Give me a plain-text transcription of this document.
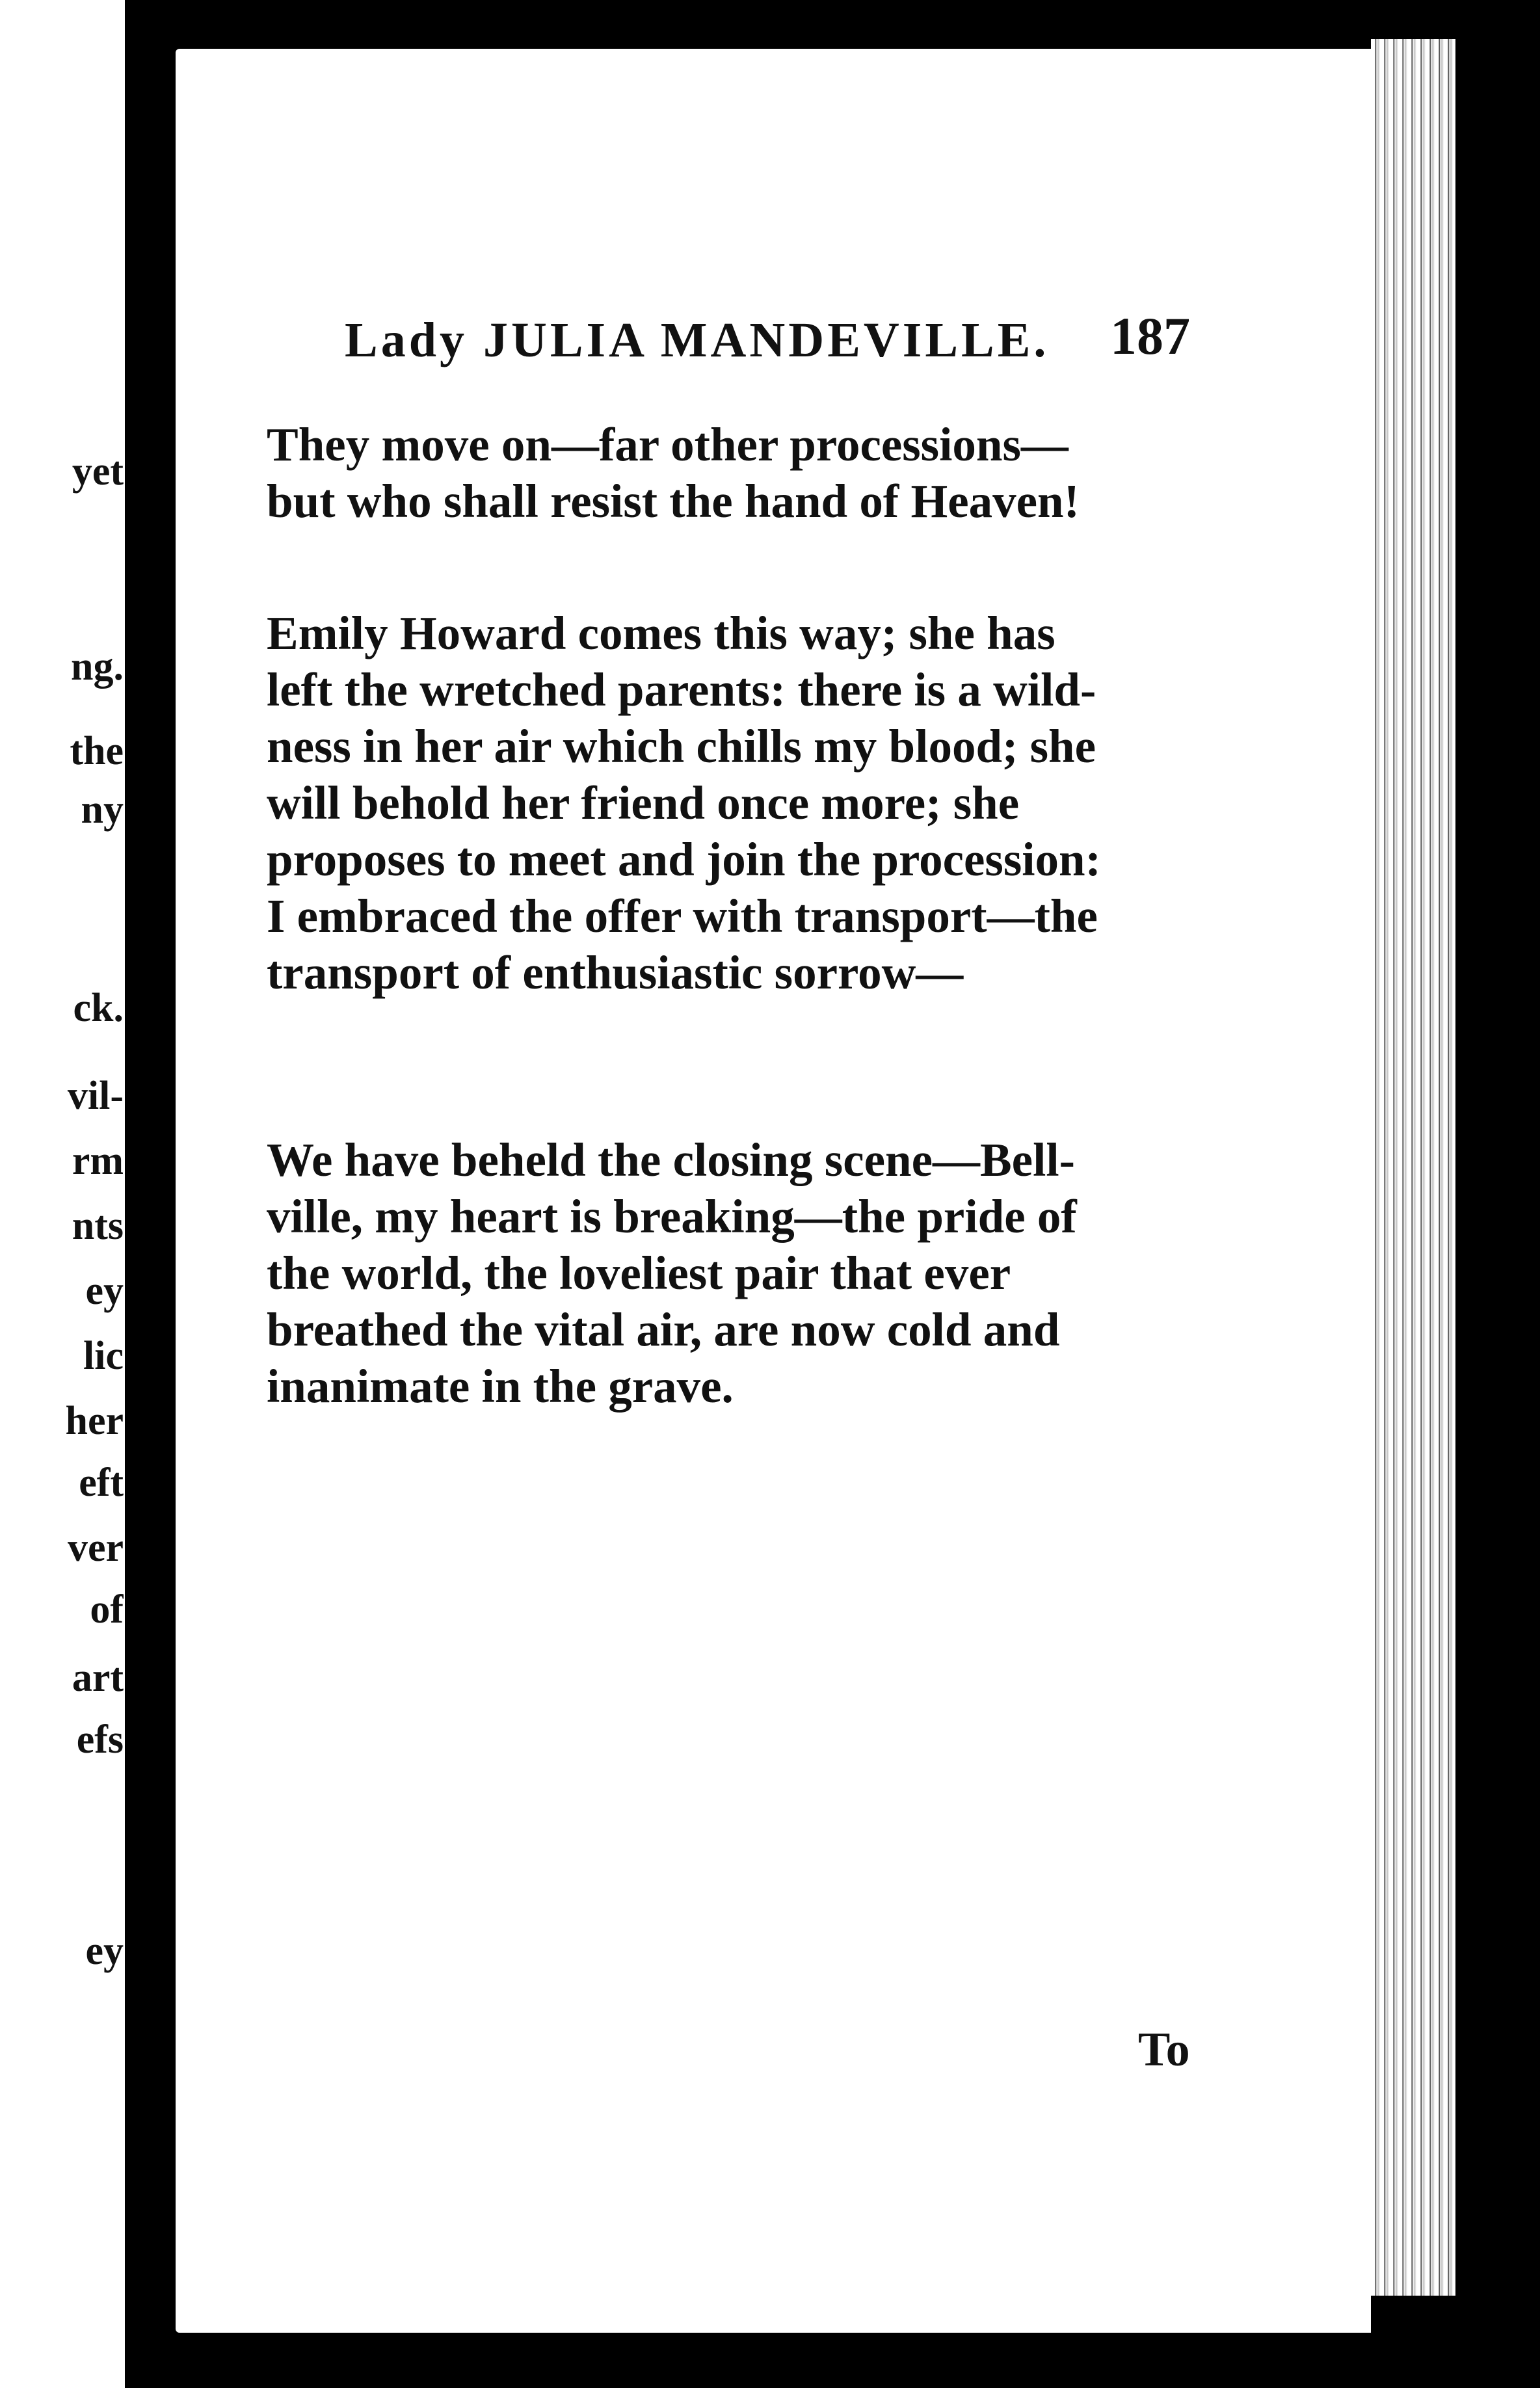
yet
ng.
the
ny
ck.
vil-
rm
nts
ey
lic
her
eft
ver
of
art
efs
ey
Lady JULIA MANDEVILLE. 187
They move on—far other processions—
but who shall resist the hand of Heaven!
Emily Howard comes this way; she has
left the wretched parents: there is a wild-
ness in her air which chills my blood; she
will behold her friend once more; she
proposes to meet and join the procession:
I embraced the offer with transport—the
transport of enthusiastic sorrow—
We have beheld the closing scene—Bell-
ville, my heart is breaking—the pride of
the world, the loveliest pair that ever
breathed the vital air, are now cold and
inanimate in the grave.
To
